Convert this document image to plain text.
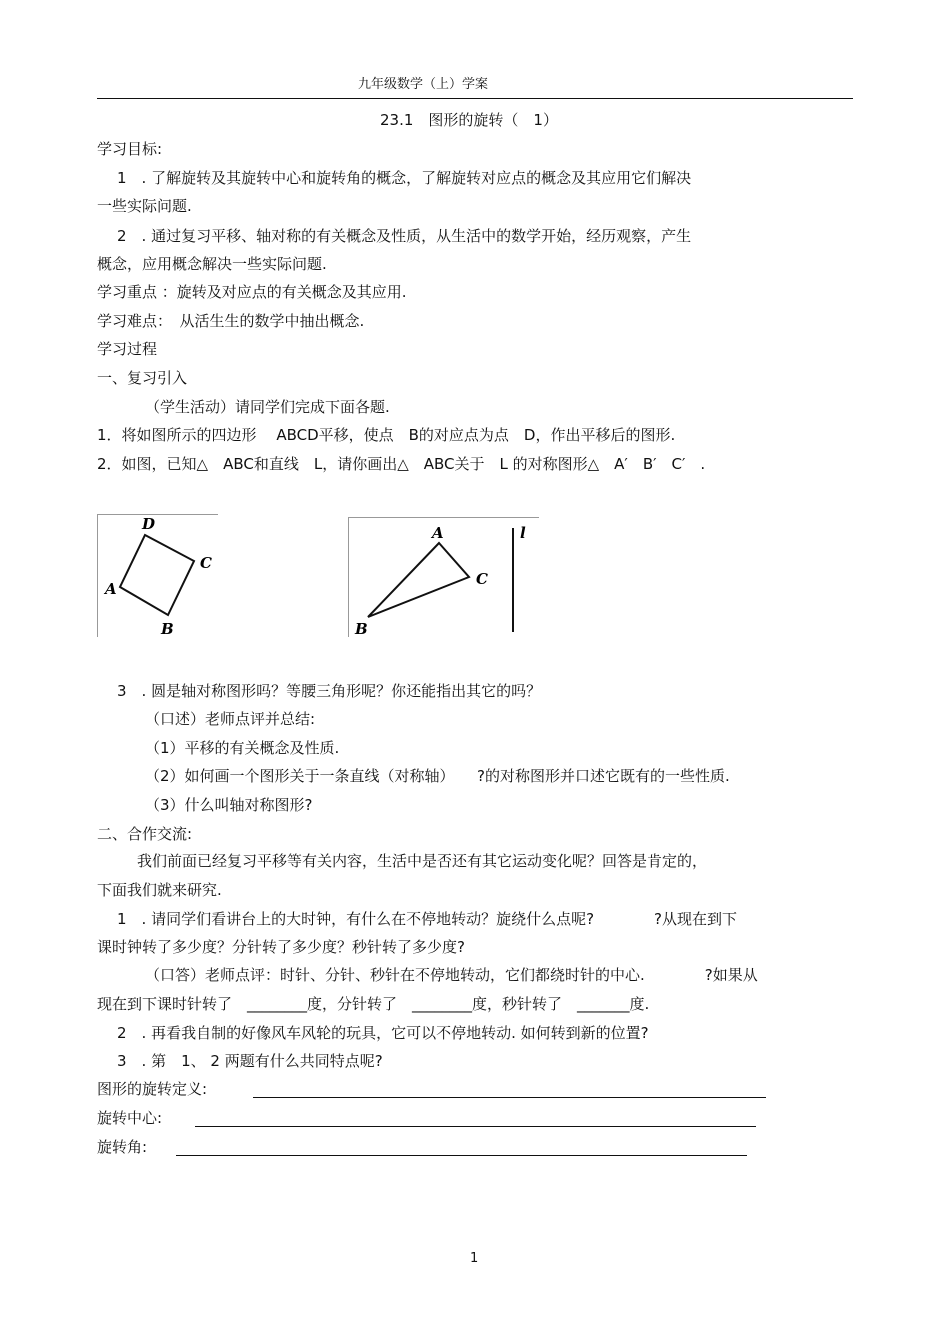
九年级数学（上）学案
23.1　图形的旋转（　1）
学习目标:
1　. 了解旋转及其旋转中心和旋转角的概念，了解旋转对应点的概念及其应用它们解决
一些实际问题.
2　. 通过复习平移、轴对称的有关概念及性质，从生活中的数学开始，经历观察，产生
概念，应用概念解决一些实际问题.
学习重点 ：旋转及对应点的有关概念及其应用.
学习难点：　从活生生的数学中抽出概念.
学习过程
一、复习引入
（学生活动）请同学们完成下面各题.
1．将如图所示的四边形　 ABCD平移，使点　B的对应点为点　D，作出平移后的图形.
2．如图，已知△　ABC和直线　L，请你画出△　ABC关于　L 的对称图形△　A′　B′　C′　.
D
C
A
B
A
C
B
l
3　. 圆是轴对称图形吗？等腰三角形呢？你还能指出其它的吗？
（口述）老师点评并总结:
（1）平移的有关概念及性质.
（2）如何画一个图形关于一条直线（对称轴）　　?的对称图形并口述它既有的一些性质.
（3）什么叫轴对称图形?
二、合作交流:
我们前面已经复习平移等有关内容，生活中是否还有其它运动变化呢？回答是肯定的，
下面我们就来研究.
1　. 请同学们看讲台上的大时钟，有什么在不停地转动？旋绕什么点呢?　　　　?从现在到下
课时钟转了多少度？分针转了多少度？秒针转了多少度?
（口答）老师点评：时针、分针、秒针在不停地转动，它们都绕时针的中心.　　　　?如果从
现在到下课时针转了　________度，分针转了　________度，秒针转了　_______度.
2　. 再看我自制的好像风车风轮的玩具，它可以不停地转动. 如何转到新的位置?
3　. 第　1、 2 两题有什么共同特点呢?
图形的旋转定义:
旋转中心:
旋转角:
1
